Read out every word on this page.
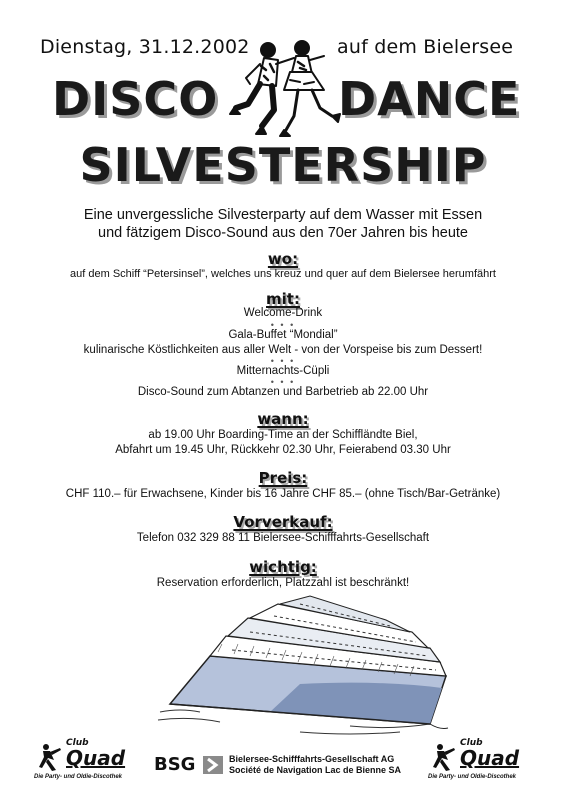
Dienstag, 31.12.2002	auf dem Bielersee
DISCO	DANCE
SILVESTERSHIP
Eine unvergessliche Silvesterparty auf dem Wasser mit Essen
und fätzigem Disco-Sound aus den 70er Jahren bis heute
wo:
auf dem Schiff “Petersinsel”, welches uns kreuz und quer auf dem Bielersee herumfährt
mit:
Welcome-Drink
• • •
Gala-Buffet “Mondial”
kulinarische Köstlichkeiten aus aller Welt - von der Vorspeise bis zum Dessert!
• • •
Mitternachts-Cüpli
• • •
Disco-Sound zum Abtanzen und Barbetrieb ab 22.00 Uhr
wann:
ab 19.00 Uhr Boarding-Time an der Schiffländte Biel,
Abfahrt um 19.45 Uhr, Rückkehr 02.30 Uhr, Feierabend 03.30 Uhr
Preis:
CHF 110.– für Erwachsene, Kinder bis 16 Jahre CHF 85.– (ohne Tisch/Bar-Getränke)
Vorverkauf:
Telefon 032 329 88 11 Bielersee-Schifffahrts-Gesellschaft
wichtig:
Reservation erforderlich, Platzzahl ist beschränkt!
Club
Quad
Die Party- und Oldie-Discothek
BSG	Bielersee-Schifffahrts-Gesellschaft AG
Société de Navigation Lac de Bienne SA
Club
Quad
Die Party- und Oldie-Discothek
